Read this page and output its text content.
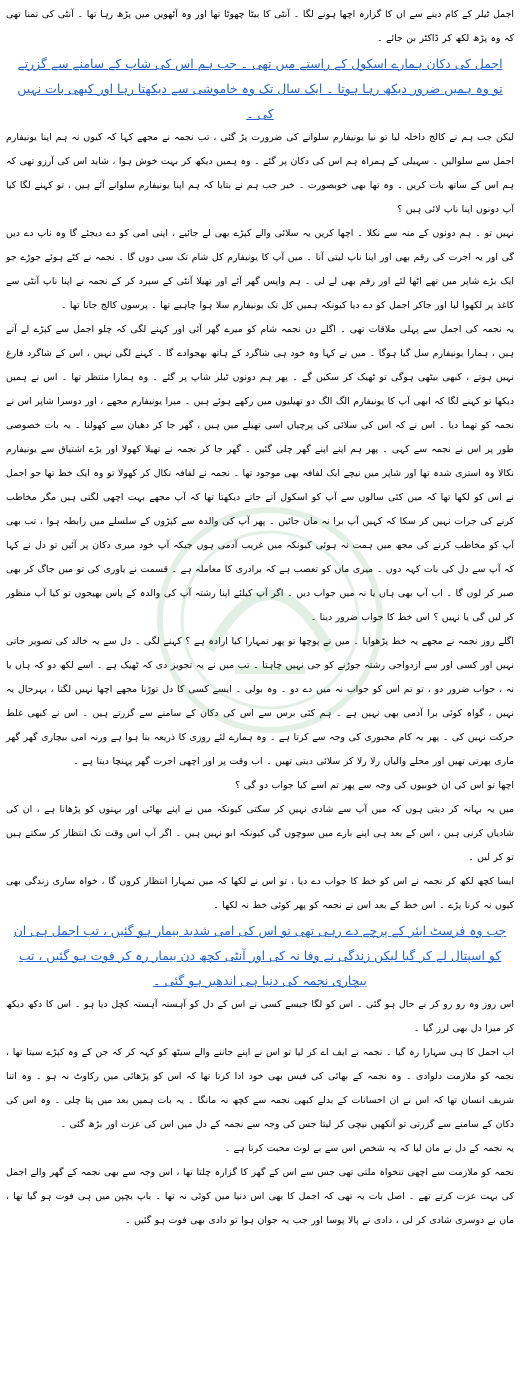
اجمل ٹیلر کے کام دینے سے ان کا گزارہ اچھا ہونے لگا ۔ آنٹی کا بیٹا چھوٹا تھا اور وہ آٹھویں میں پڑھ رہا تھا ۔ آنٹی کی تمنا تھی کہ وہ پڑھ لکھ کر ڈاکٹر بن جائے ۔

اجمل کی دکان ہمارے اسکول کے راستے میں تھی ۔ جب ہم اس کی شاپ کے سامنے سے گزرتے تو وہ ہمیں ضرور دیکھ رہا ہوتا ۔ ایک سال تک وہ خاموشی سے دیکھتا رہا اور کبھی بات نہیں کی ۔

لیکن جب ہم نے کالج داخلہ لیا تو نیا یونیفارم سلوانے کی ضرورت پڑ گئی ، تب نجمہ نے مجھے کہا کہ کیوں نہ ہم اپنا یونیفارم اجمل سے سلوالیں ۔ سہیلی کے ہمراہ ہم اس کی دکان پر گئے ۔ وہ ہمیں دیکھ کر بہت خوش ہوا ، شاید اس کی آرزو تھی کہ ہم اس کے ساتھ بات کریں ۔ وہ تھا بھی خوبصورت ۔ خیر جب ہم نے بتایا کہ ہم اپنا یونیفارم سلوانے آئے ہیں ، تو کہنے لگا کیا آپ دونوں اپنا ناپ لائی ہیں ؟

نہیں تو ۔ ہم دونوں کے منہ سے نکلا ۔ اچھا کریں یہ سلائی والے کپڑے بھی لے جائیے ، اپنی امی کو دے دیجئے گا وہ ناپ دے دیں گی اور یہ اجرت کی رقم بھی اور اپنا ناپ لیتی آنا ۔ میں آپ کا یونیفارم کل شام تک سی دوں گا ۔ نجمہ نے کٹے ہوئے جوڑے جو ایک بڑے شاپر میں تھے اٹھا لئے اور رقم بھی لے لی ۔ ہم واپس گھر آئے اور تھیلا آنٹی کے سپرد کر کے نجمہ نے اپنا ناپ آنٹی سے کاغذ پر لکھوا لیا اور جاکر اجمل کو دے دیا کیونکہ ہمیں کل تک یونیفارم سلا ہوا چاہیے تھا ۔ پرسوں کالج جانا تھا ۔

یہ نجمہ کی اجمل سے پہلی ملاقات تھی ۔ اگلے دن نجمہ شام کو میرے گھر آئی اور کہنے لگی کہ چلو اجمل سے کپڑے لے آتے ہیں ، ہمارا یونیفارم سل گیا ہوگا ۔ میں نے کہا وہ خود ہی شاگرد کے ہاتھ بھجوادے گا ۔ کہنے لگی نہیں ، اس کے شاگرد فارغ نہیں ہوتے ، کبھی بیٹھی ہوگی تو ٹھیک کر سکیں گے ۔ پھر ہم دونوں ٹیلر شاپ پر گئے ۔ وہ ہمارا منتظر تھا ۔ اس نے ہمیں دیکھا تو کہنے لگا کہ ابھی آپ کا یونیفارم الگ الگ دو تھیلیوں میں رکھے ہوئے ہیں ۔ میرا یونیفارم مجھے ، اور دوسرا شاپر اس نے نجمہ کو تھما دیا ۔ اس نے کہ اس کی سلائی کی پرچیاں اسی تھیلے میں ہیں ، گھر جا کر دھیان سے کھولنا ۔ یہ بات خصوصی طور پر اس نے نجمہ سے کہی ۔ پھر ہم اپنے اپنے گھر چلی گئیں ۔ گھر جا کر نجمہ نے تھیلا کھولا اور بڑے اشتیاق سے یونیفارم نکالا وہ استری شدہ تھا اور شاپر میں نیچے ایک لفافہ بھی موجود تھا ۔ نجمہ نے لفافہ نکال کر کھولا تو وہ ایک خط تھا جو اجمل نے اس کو لکھا تھا کہ میں کئی سالوں سے آپ کو اسکول آتے جاتے دیکھتا تھا کہ آپ مجھے بہت اچھی لگتی ہیں مگر مخاطب کرنے کی جرات نہیں کر سکا کہ کہیں آپ برا نہ مان جائیں ۔ پھر آپ کی والدہ سے کپڑوں کے سلسلے میں رابطہ ہوا ، تب بھی آپ کو مخاطب کرنے کی مجھ میں ہمت نہ ہوئی کیونکہ میں غریب آدمی ہوں جبکہ آپ خود میری دکان پر آئیں تو دل نے کہا کہ آپ سے دل کی بات کہہ دوں ۔ میری ماں کو تعصب ہے کہ برادری کا معاملہ ہے ۔ قسمت نے یاوری کی تو میں جاگ کر بھی صبر کر لوں گا ۔ اب آپ بھی ہاں یا نہ میں جواب دیں ۔ اگر آپ کیلئے اپنا رشتہ آپ کی والدہ کے پاس بھیجوں تو کیا آپ منظور کر لیں گی یا نہیں ؟ اس خط کا جواب ضرور دینا ۔

اگلے روز نجمہ نے مجھے یہ خط پڑھوایا ۔ میں نے پوچھا تو پھر تمہارا کیا ارادہ ہے ؟ کہنے لگی ۔ دل سے یہ خالد کی تصویر جاتی نہیں اور کسی اور سے ازدواجی رشتہ جوڑنے کو جی نہیں چاہتا ۔ تب میں نے یہ تجویز دی کہ ٹھیک ہے ۔ اسے لکھ دو کہ ہاں یا نہ ، جواب ضرور دو ، تو تم اس کو جواب نہ میں دے دو ۔ وہ بولی ۔ ایسے کسی کا دل توڑنا مجھے اچھا نہیں لگتا ، بہرحال یہ نہیں ، گواہ کوئی برا آدمی بھی نہیں ہے ۔ ہم کئی برس سے اس کی دکان کے سامنے سے گزرتے ہیں ۔ اس نے کبھی غلط حرکت نہیں کی ۔ پھر یہ کام مجبوری کی وجہ سے کرتا ہے ۔ وہ ہمارے لئے روزی کا ذریعہ بنا ہوا ہے ورنہ امی بیچاری گھر گھر ماری پھرتی تھیں اور محلے والیاں رلا رلا کر سلائی دیتی تھیں ۔ اب وقت پر اور اچھی اجرت گھر پہنچا دیتا ہے ۔

اچھا تو اس کی ان خوبیوں کی وجہ سے پھر تم اسے کیا جواب دو گی ؟

میں یہ بہانہ کر دیتی ہوں کہ میں آپ سے شادی نہیں کر سکتی کیونکہ میں نے اپنے بھائی اور بہنوں کو پڑھانا ہے ، ان کی شادیاں کرنی ہیں ، اس کے بعد ہی اپنے بارے میں سوچوں گی کیونکہ ابو نہیں ہیں ۔ اگر آپ اس وقت تک انتظار کر سکتے ہیں تو کر لیں ۔

ایسا کچھ لکھ کر نجمہ نے اس کو خط کا جواب دے دیا ، تو اس نے لکھا کہ میں تمہارا انتظار کروں گا ، خواہ ساری زندگی بھی کیوں نہ کرنا پڑے ۔ اس خط کے بعد اس نے نجمہ کو پھر کوئی خط نہ لکھا ۔

جب وہ فرسٹ ایئر کے پرچے دے رہی تھی تو اس کی امی شدید بیمار ہو گئیں ، تب اجمل ہی ان کو اسپتال لے کر گیا لیکن زندگی نے وفا نہ کی اور آنٹی کچھ دن بیمار رہ کر فوت ہو گئیں ، تب بیچاری نجمہ کی دنیا ہی اندھیر ہو گئی ۔

اس روز وہ رو رو کر بے حال ہو گئی ۔ اس کو لگا جیسے کسی نے اس کے دل کو آہستہ آہستہ کچل دیا ہو ۔ اس کا دکھ دیکھ کر میرا دل بھی لرز گیا ۔

اب اجمل کا ہی سہارا رہ گیا ۔ نجمہ نے ایف اے کر لیا تو اس نے اپنے جاننے والے سیٹھ کو کہہ کر کہ جن کے وہ کپڑے سیتا تھا ، نجمہ کو ملازمت دلوادی ۔ وہ نجمہ کے بھائی کی فیس بھی خود ادا کرتا تھا کہ اس کو پڑھائی میں رکاوٹ نہ ہو ۔ وہ اتنا شریف انسان تھا کہ اس نے ان احسانات کے بدلے کبھی نجمہ سے کچھ نہ مانگا ۔ یہ بات ہمیں بعد میں پتا چلی ۔ وہ اس کی دکان کے سامنے سے گزرتی تو آنکھیں نیچی کر لیتا جس کی وجہ سے نجمہ کے دل میں اس کی عزت اور بڑھ گئی ۔

یہ نجمہ کے دل نے مان لیا کہ یہ شخص اس سے بے لوث محبت کرتا ہے ۔

نجمہ کو ملازمت سے اچھی تنخواہ ملتی تھی جس سے اس کے گھر کا گزارہ چلتا تھا ، اس وجہ سے بھی نجمہ کے گھر والے اجمل کی بہت عزت کرتے تھے ۔ اصل بات یہ تھی کہ اجمل کا بھی اس دنیا میں کوئی نہ تھا ۔ باپ بچپن میں ہی فوت ہو گیا تھا ، ماں نے دوسری شادی کر لی ، دادی نے پالا پوسا اور جب یہ جوان ہوا تو دادی بھی فوت ہو گئیں ۔
